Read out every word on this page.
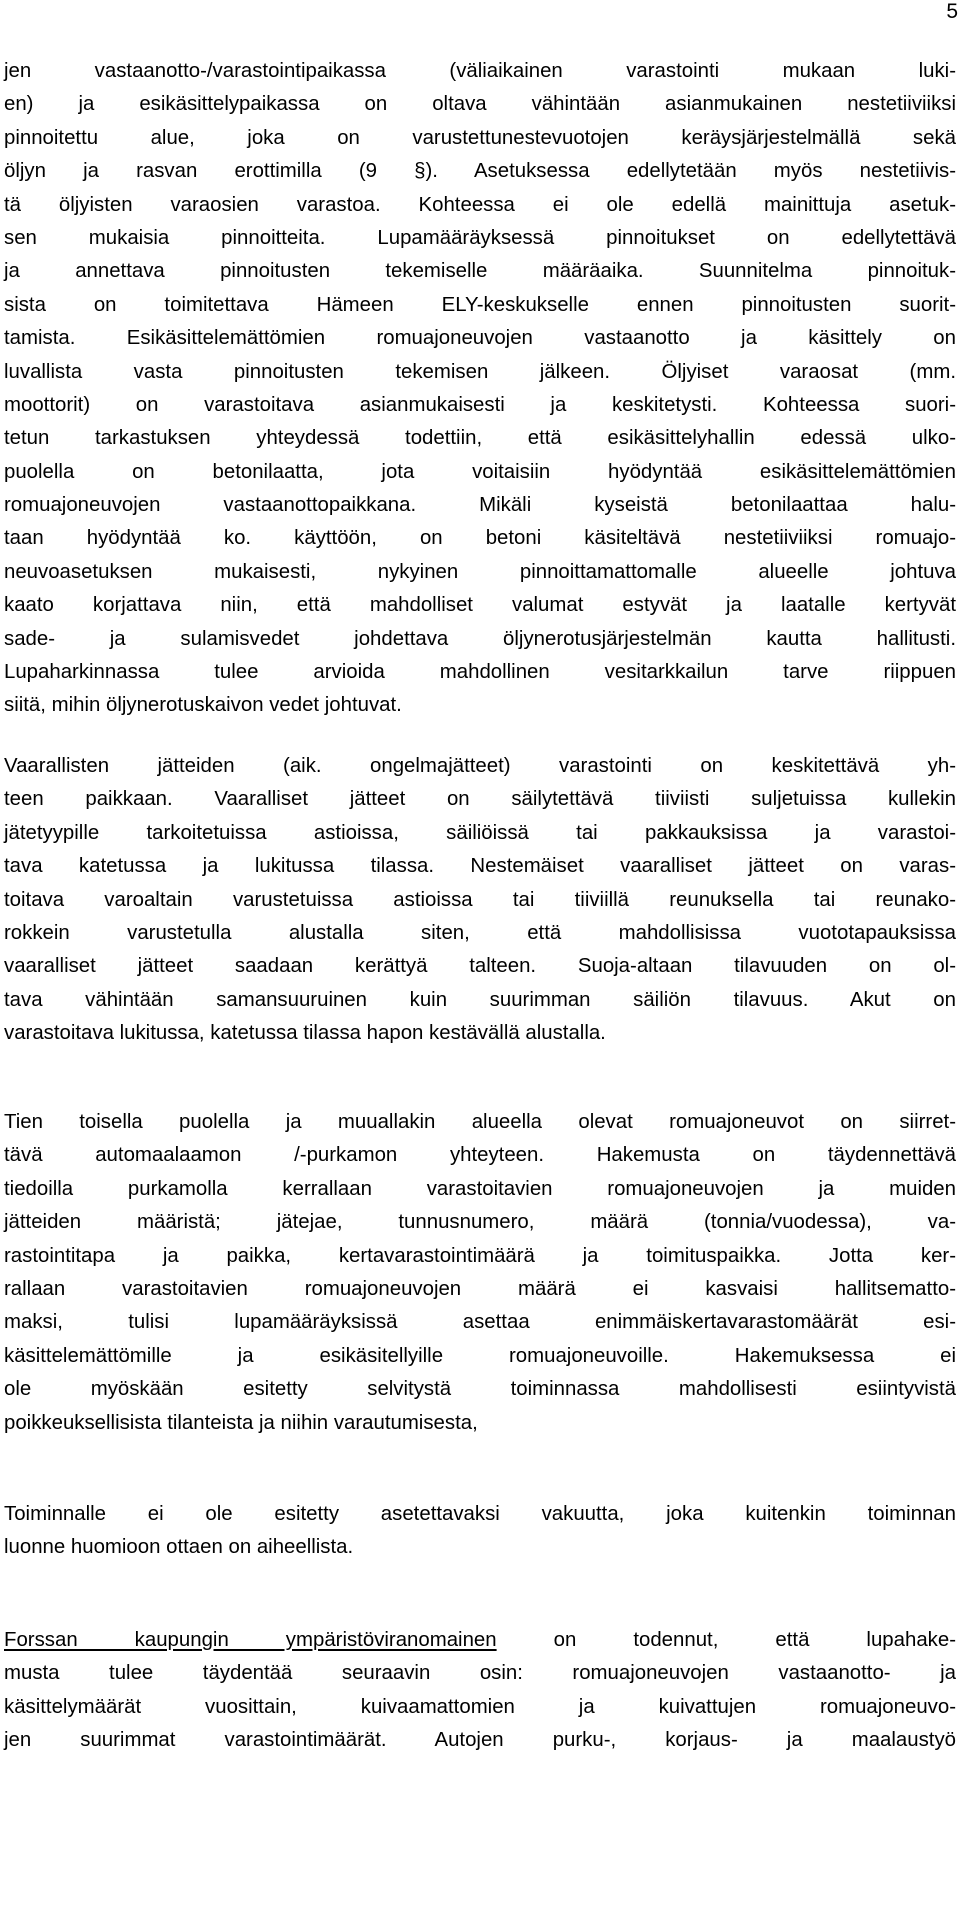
5
jen vastaanotto-/varastointipaikassa (väliaikainen varastointi mukaan luki-
en) ja esikäsittelypaikassa on oltava vähintään asianmukainen nestetiiviiksi
pinnoitettu alue, joka on varustettunestevuotojen keräysjärjestelmällä sekä
öljyn ja rasvan erottimilla (9 §). Asetuksessa edellytetään myös nestetiivis-
tä öljyisten varaosien varastoa. Kohteessa ei ole edellä mainittuja asetuk-
sen mukaisia pinnoitteita. Lupamääräyksessä pinnoitukset on edellytettävä
ja annettava pinnoitusten tekemiselle määräaika. Suunnitelma pinnoituk-
sista on toimitettava Hämeen ELY-keskukselle ennen pinnoitusten suorit-
tamista. Esikäsittelemättömien romuajoneuvojen vastaanotto ja käsittely on
luvallista vasta pinnoitusten tekemisen jälkeen. Öljyiset varaosat (mm.
moottorit) on varastoitava asianmukaisesti ja keskitetysti. Kohteessa suori-
tetun tarkastuksen yhteydessä todettiin, että esikäsittelyhallin edessä ulko-
puolella on betonilaatta, jota voitaisiin hyödyntää esikäsittelemättömien
romuajoneuvojen vastaanottopaikkana. Mikäli kyseistä betonilaattaa halu-
taan hyödyntää ko. käyttöön, on betoni käsiteltävä nestetiiviiksi romuajo-
neuvoasetuksen mukaisesti, nykyinen pinnoittamattomalle alueelle johtuva
kaato korjattava niin, että mahdolliset valumat estyvät ja laatalle kertyvät
sade- ja sulamisvedet johdettava öljynerotusjärjestelmän kautta hallitusti.
Lupaharkinnassa tulee arvioida mahdollinen vesitarkkailun tarve riippuen
siitä, mihin öljynerotuskaivon vedet johtuvat.
Vaarallisten jätteiden (aik. ongelmajätteet) varastointi on keskitettävä yh-
teen paikkaan. Vaaralliset jätteet on säilytettävä tiiviisti suljetuissa kullekin
jätetyypille tarkoitetuissa astioissa, säiliöissä tai pakkauksissa ja varastoi-
tava katetussa ja lukitussa tilassa. Nestemäiset vaaralliset jätteet on varas-
toitava varoaltain varustetuissa astioissa tai tiiviillä reunuksella tai reunako-
rokkein varustetulla alustalla siten, että mahdollisissa vuototapauksissa
vaaralliset jätteet saadaan kerättyä talteen. Suoja-altaan tilavuuden on ol-
tava vähintään samansuuruinen kuin suurimman säiliön tilavuus. Akut on
varastoitava lukitussa, katetussa tilassa hapon kestävällä alustalla.
Tien toisella puolella ja muuallakin alueella olevat romuajoneuvot on siirret-
tävä automaalaamon /-purkamon yhteyteen. Hakemusta on täydennettävä
tiedoilla purkamolla kerrallaan varastoitavien romuajoneuvojen ja muiden
jätteiden määristä; jätejae, tunnusnumero, määrä (tonnia/vuodessa), va-
rastointitapa ja paikka, kertavarastointimäärä ja toimituspaikka. Jotta ker-
rallaan varastoitavien romuajoneuvojen määrä ei kasvaisi hallitsematto-
maksi, tulisi lupamääräyksissä asettaa enimmäiskertavarastomäärät esi-
käsittelemättömille ja esikäsitellyille romuajoneuvoille. Hakemuksessa ei
ole myöskään esitetty selvitystä toiminnassa mahdollisesti esiintyvistä
poikkeuksellisista tilanteista ja niihin varautumisesta,
Toiminnalle ei ole esitetty asetettavaksi vakuutta, joka kuitenkin toiminnan
luonne huomioon ottaen on aiheellista.
Forssan kaupungin ympäristöviranomainen on todennut, että lupahake-
musta tulee täydentää seuraavin osin: romuajoneuvojen vastaanotto- ja
käsittelymäärät vuosittain, kuivaamattomien ja kuivattujen romuajoneuvo-
jen suurimmat varastointimäärät. Autojen purku-, korjaus- ja maalaustyö
